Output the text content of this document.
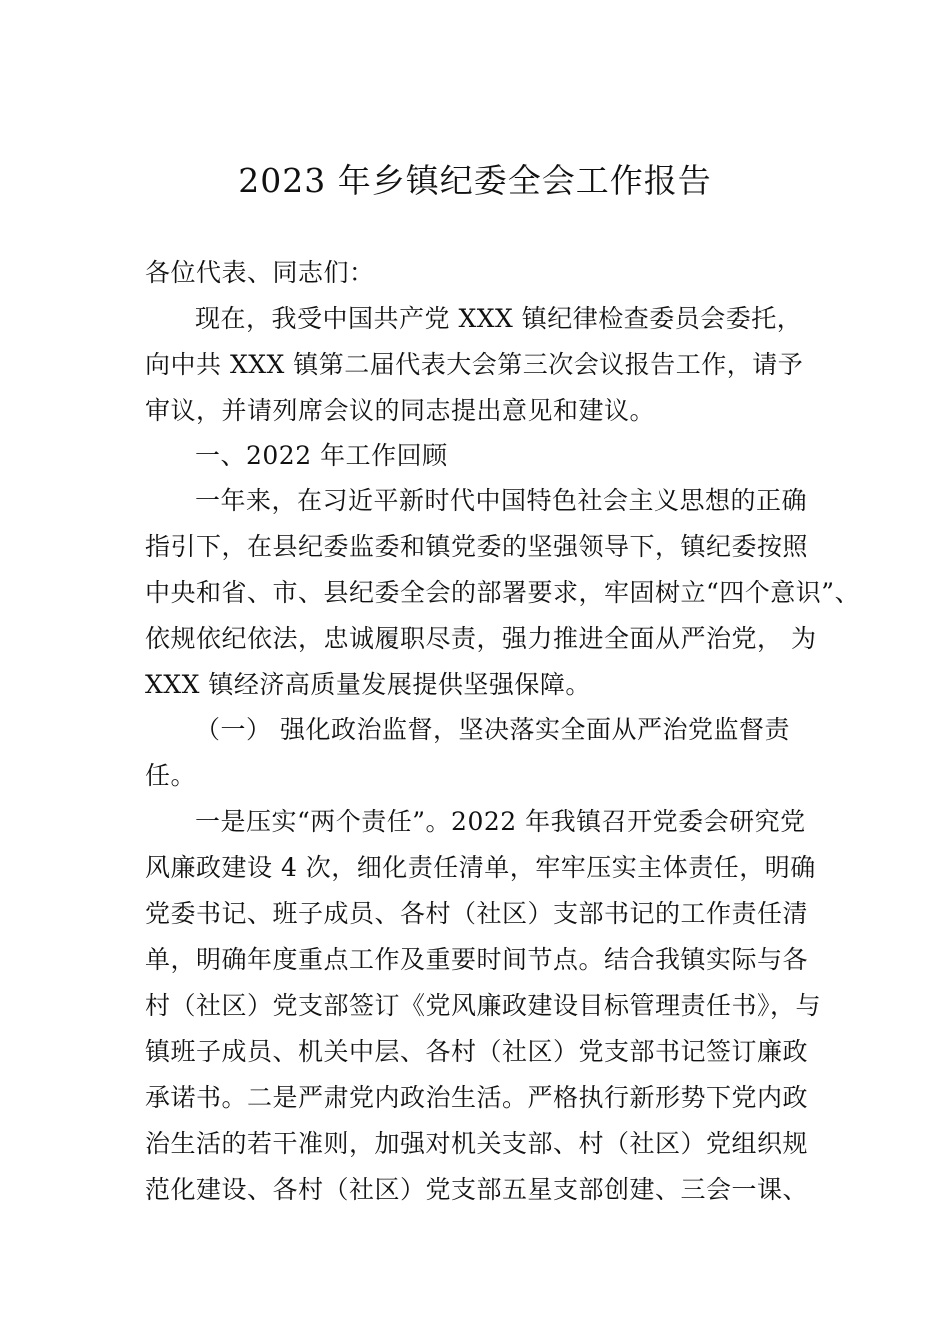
2023 年乡镇纪委全会工作报告
各位代表、同志们：
现在，我受中国共产党 XXX 镇纪律检查委员会委托，
向中共 XXX 镇第二届代表大会第三次会议报告工作，请予
审议，并请列席会议的同志提出意见和建议。
一、2022 年工作回顾
一年来，在习近平新时代中国特色社会主义思想的正确
指引下，在县纪委监委和镇党委的坚强领导下，镇纪委按照
中央和省、市、县纪委全会的部署要求，牢固树立“四个意识”、
依规依纪依法，忠诚履职尽责，强力推进全面从严治党， 为
XXX 镇经济高质量发展提供坚强保障。
（一） 强化政治监督，坚决落实全面从严治党监督责
任。
一是压实“两个责任”。2022 年我镇召开党委会研究党
风廉政建设 4 次，细化责任清单，牢牢压实主体责任，明确
党委书记、班子成员、各村（社区）支部书记的工作责任清
单，明确年度重点工作及重要时间节点。结合我镇实际与各
村（社区）党支部签订《党风廉政建设目标管理责任书》，与
镇班子成员、机关中层、各村（社区）党支部书记签订廉政
承诺书。二是严肃党内政治生活。严格执行新形势下党内政
治生活的若干准则，加强对机关支部、村（社区）党组织规
范化建设、各村（社区）党支部五星支部创建、三会一课、
